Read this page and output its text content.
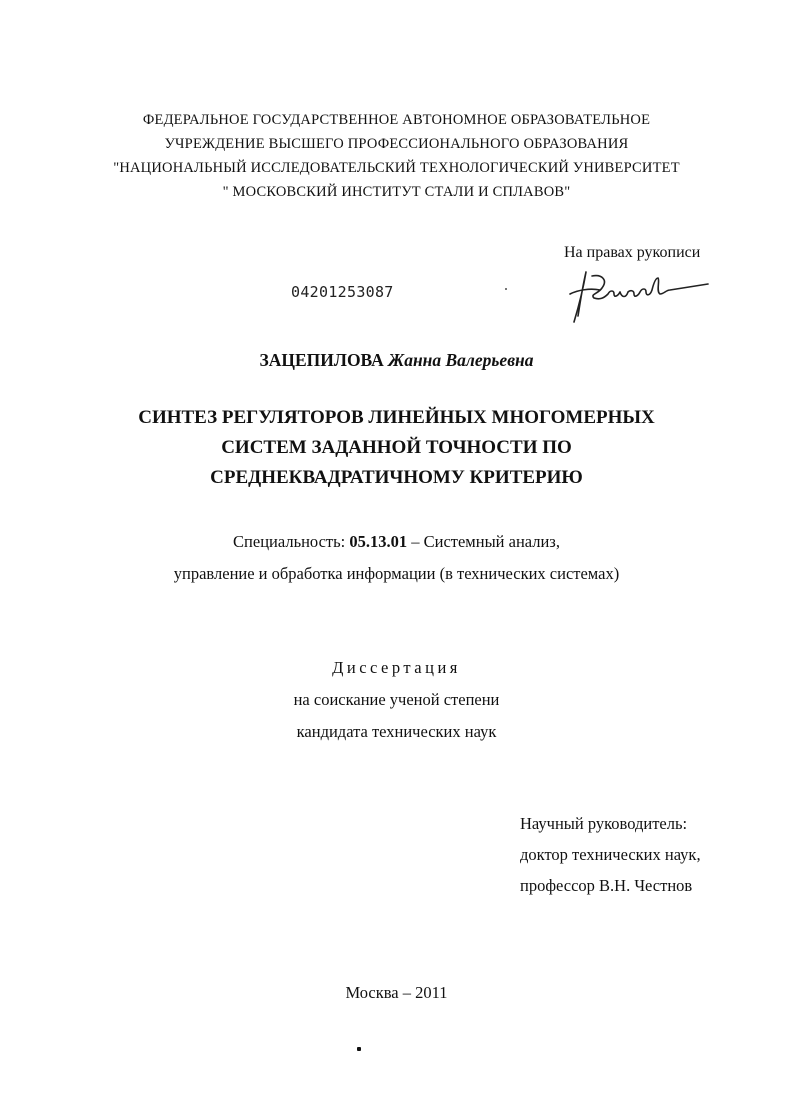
ФЕДЕРАЛЬНОЕ ГОСУДАРСТВЕННОЕ АВТОНОМНОЕ ОБРАЗОВАТЕЛЬНОЕ
УЧРЕЖДЕНИЕ ВЫСШЕГО ПРОФЕССИОНАЛЬНОГО ОБРАЗОВАНИЯ
"НАЦИОНАЛЬНЫЙ ИССЛЕДОВАТЕЛЬСКИЙ ТЕХНОЛОГИЧЕСКИЙ УНИВЕРСИТЕТ
" МОСКОВСКИЙ ИНСТИТУТ СТАЛИ И СПЛАВОВ"
На правах рукописи
04201253087
ЗАЦЕПИЛОВА Жанна Валерьевна
СИНТЕЗ РЕГУЛЯТОРОВ ЛИНЕЙНЫХ МНОГОМЕРНЫХ
СИСТЕМ ЗАДАННОЙ ТОЧНОСТИ ПО
СРЕДНЕКВАДРАТИЧНОМУ КРИТЕРИЮ
Специальность: 05.13.01 – Системный анализ,
управление и обработка информации (в технических системах)
Диссертация
на соискание ученой степени
кандидата технических наук
Научный руководитель:
доктор технических наук,
профессор В.Н. Честнов
Москва – 2011
